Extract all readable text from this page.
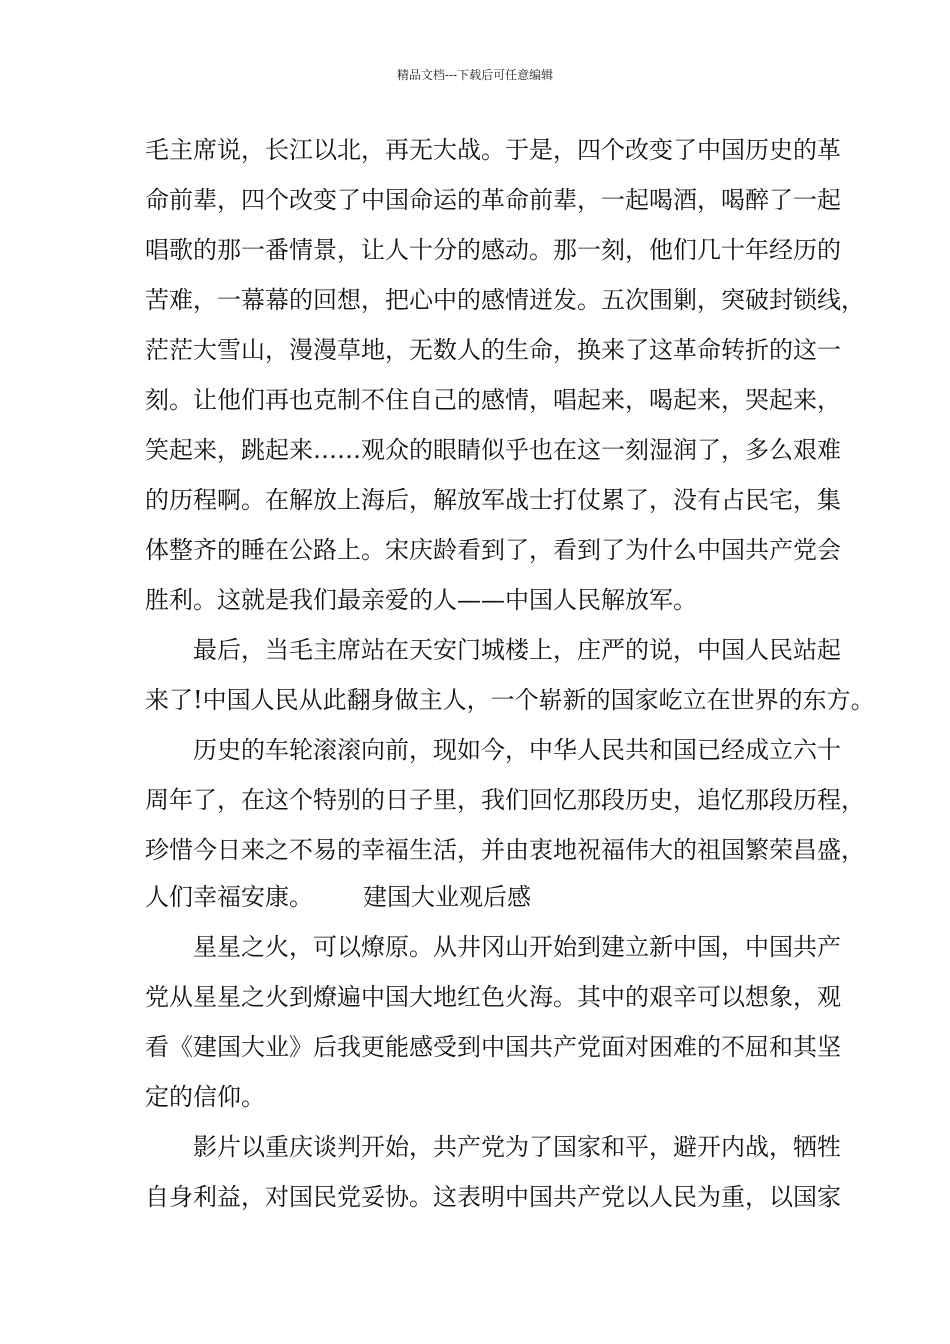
精品文档---下载后可任意编辑
毛主席说，长江以北，再无大战。于是，四个改变了中国历史的革
命前辈，四个改变了中国命运的革命前辈，一起喝酒，喝醉了一起
唱歌的那一番情景，让人十分的感动。那一刻，他们几十年经历的
苦难，一幕幕的回想，把心中的感情迸发。五次围剿，突破封锁线，
茫茫大雪山，漫漫草地，无数人的生命，换来了这革命转折的这一
刻。让他们再也克制不住自己的感情，唱起来，喝起来，哭起来，
笑起来，跳起来……观众的眼睛似乎也在这一刻湿润了，多么艰难
的历程啊。在解放上海后，解放军战士打仗累了，没有占民宅，集
体整齐的睡在公路上。宋庆龄看到了，看到了为什么中国共产党会
胜利。这就是我们最亲爱的人——中国人民解放军。
最后，当毛主席站在天安门城楼上，庄严的说，中国人民站起
来了!中国人民从此翻身做主人，一个崭新的国家屹立在世界的东方。
历史的车轮滚滚向前，现如今，中华人民共和国已经成立六十
周年了，在这个特别的日子里，我们回忆那段历史，追忆那段历程，
珍惜今日来之不易的幸福生活，并由衷地祝福伟大的祖国繁荣昌盛，
人们幸福安康。 建国大业观后感
星星之火，可以燎原。从井冈山开始到建立新中国，中国共产
党从星星之火到燎遍中国大地红色火海。其中的艰辛可以想象，观
看《建国大业》后我更能感受到中国共产党面对困难的不屈和其坚
定的信仰。
影片以重庆谈判开始，共产党为了国家和平，避开内战，牺牲
自身利益，对国民党妥协。这表明中国共产党以人民为重，以国家
